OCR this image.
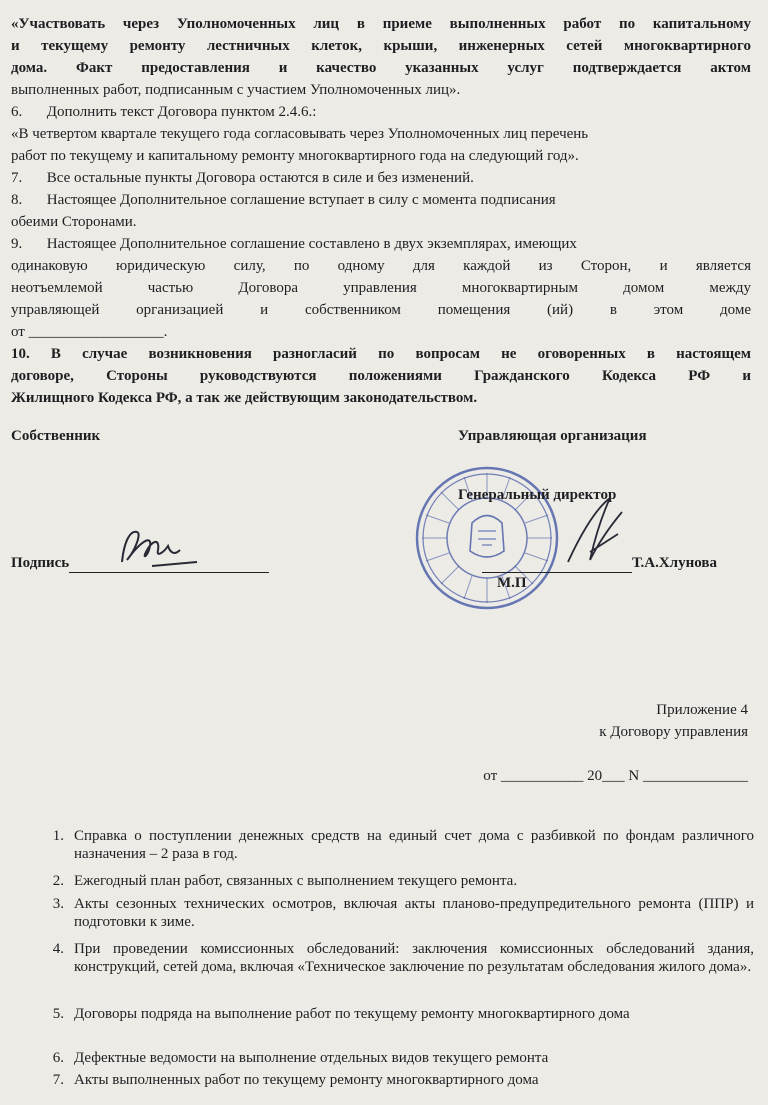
«Участвовать через Уполномоченных лиц в приеме выполненных работ по капитальному
и текущему ремонту лестничных клеток, крыши, инженерных сетей многоквартирного
дома. Факт предоставления и качество указанных услуг подтверждается актом
выполненных работ, подписанным с участием Уполномоченных лиц».
6. Дополнить текст Договора пунктом 2.4.6.:
«В четвертом квартале текущего года согласовывать через Уполномоченных лиц перечень
работ по текущему и капитальному ремонту многоквартирного года на следующий год».
7. Все остальные пункты Договора остаются в силе и без изменений.
8. Настоящее Дополнительное соглашение вступает в силу с момента подписания
обеими Сторонами.
9. Настоящее Дополнительное соглашение составлено в двух экземплярах, имеющих
одинаковую юридическую силу, по одному для каждой из Сторон, и является
неотъемлемой частью Договора управления многоквартирным домом между
управляющей организацией и собственником помещения (ий) в этом доме
от __________________.
10. В случае возникновения разногласий по вопросам не оговоренных в настоящем
договоре, Стороны руководствуются положениями Гражданского Кодекса РФ и
Жилищного Кодекса РФ, а так же действующим законодательством.
Собственник	Управляющая организация
Генеральный директор
Подпись	Т.А.Хлунова
М.П
Приложение 4
к Договору управления
от ___________ 20___ N ______________
1. Справка о поступлении денежных средств на единый счет дома с разбивкой по фондам различного назначения – 2 раза в год.
2. Ежегодный план работ, связанных с выполнением текущего ремонта.
3. Акты сезонных технических осмотров, включая акты планово-предупредительного ремонта (ППР) и подготовки к зиме.
4. При проведении комиссионных обследований: заключения комиссионных обследований здания, конструкций, сетей дома, включая «Техническое заключение по результатам обследования жилого дома».
5. Договоры подряда на выполнение работ по текущему ремонту многоквартирного дома
6. Дефектные ведомости на выполнение отдельных видов текущего ремонта
7. Акты выполненных работ по текущему ремонту многоквартирного дома
